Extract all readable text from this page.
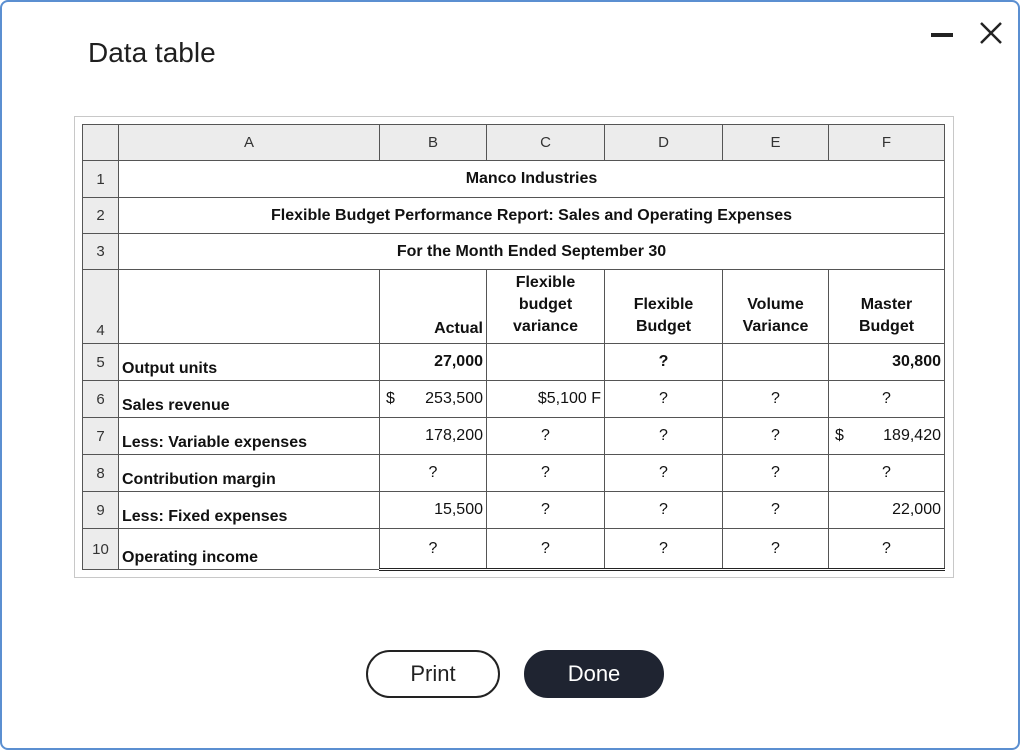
Data table
	A	B	C	D	E	F
1	Manco Industries					
2	Flexible Budget Performance Report: Sales and Operating Expenses					
3	For the Month Ended September 30					
4		Actual	Flexible
budget
variance	Flexible
Budget	Volume
Variance	Master
Budget
5	Output units	27,000		?		30,800
6	Sales revenue	$ 253,500	$5,100 F	?	?	?
7	Less: Variable expenses	178,200	?	?	?	$ 189,420

8	Contribution margin	?	?	?	?	?
9	Less: Fixed expenses	15,500	?	?	?	22,000
10	Operating income	?	?	?	?	?
Print	Done
